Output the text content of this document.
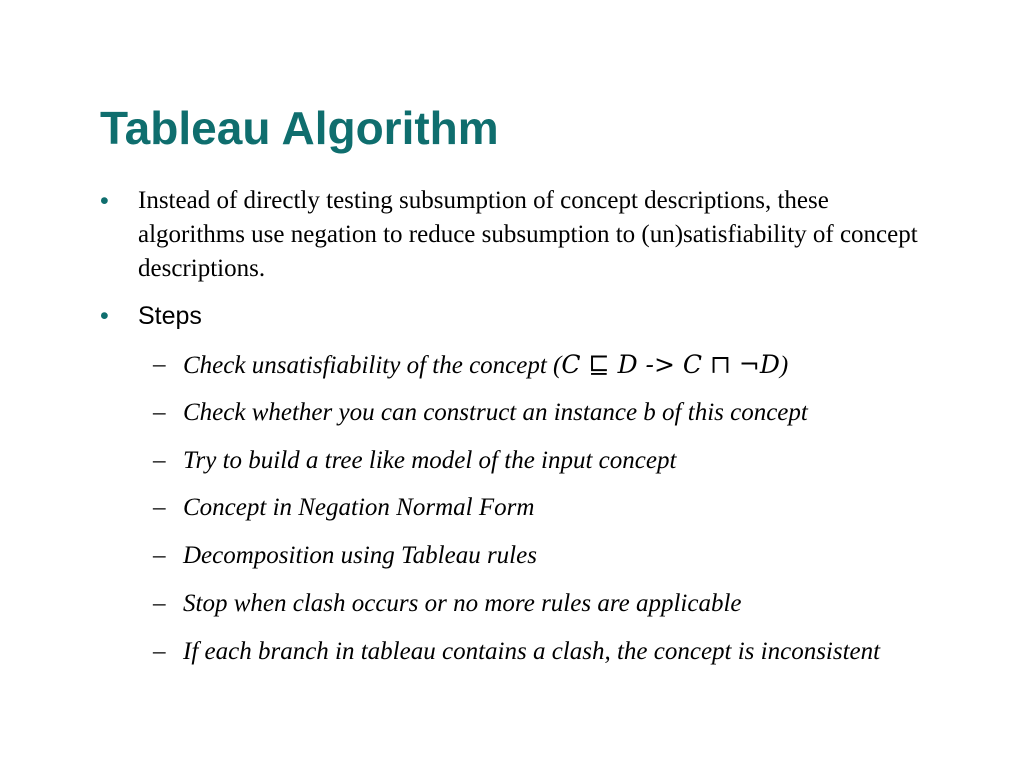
Tableau Algorithm
• Instead of directly testing subsumption of concept descriptions, these algorithms use negation to reduce subsumption to (un)satisfiability of concept descriptions.
• Steps
– Check unsatisfiability of the concept (C ⊑ D -> C ⊓ ¬D)
– Check whether you can construct an instance b of this concept
– Try to build a tree like model of the input concept
– Concept in Negation Normal Form
– Decomposition using Tableau rules
– Stop when clash occurs or no more rules are applicable
– If each branch in tableau contains a clash, the concept is inconsistent
